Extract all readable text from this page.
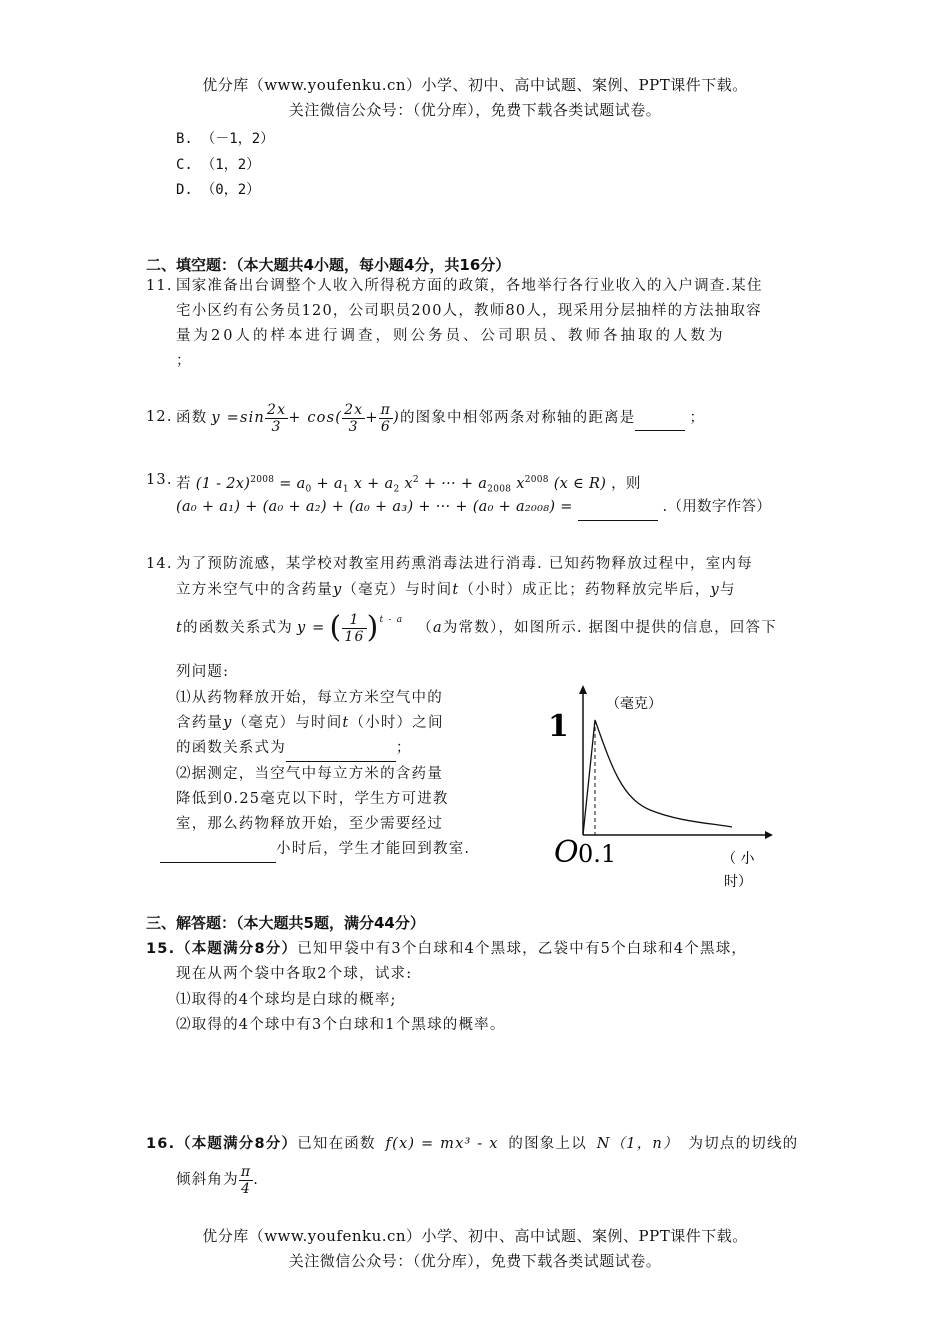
优分库（www.youfenku.cn）小学、初中、高中试题、案例、PPT课件下载。
关注微信公众号：（优分库），免费下载各类试题试卷。
B. （－1，2）
C. （1，2）
D. （0，2）
二、填空题：（本大题共4小题，每小题4分，共16分）
11. 国家准备出台调整个人收入所得税方面的政策，各地举行各行业收入的入户调查.某住
宅小区约有公务员120，公司职员200人，教师80人，现采用分层抽样的方法抽取容
量为20人的样本进行调查，则公务员、公司职员、教师各抽取的人数为
；
12. 函数 $y =\sin \frac{2x}{3} + \cos( \frac{2x}{3} + \frac{\pi}{6}$ ) 的图象中相邻两条对称轴的距离是	；
13. 若 $(1 - 2x)^{2008} = a_0 + a_1$ $x + a_2$ $x^2$ + ··· + $a_{2008}$ $x^{2008}$ (x ∈ R) ，则
(a₀ + a₁) + (a₀ + a₂) + (a₀ + a₃) + ··· + (a₀ + a₂₀₀₈) =	.（用数字作答）
14. 为了预防流感，某学校对教室用药熏消毒法进行消毒. 已知药物释放过程中，室内每
立方米空气中的含药量y（毫克）与时间t（小时）成正比；药物释放完毕后，y与
t 的函数关系式为 y = ( $\frac{1}{16} )^{t - a}$ （ a 为常数），如图所示. 据图中提供的信息，回答下
列问题:
⑴从药物释放开始，每立方米空气中的
含药量y（毫克）与时间t（小时）之间
的函数关系式为	；
⑵据测定，当空气中每立方米的含药量
降低到0.25毫克以下时，学生方可进教
室，那么药物释放开始，至少需要经过
小时后，学生才能回到教室.
（毫克）
1
O 0.1	（ 小
时）
三、解答题：（本大题共5题，满分44分）
15. （本题满分8分）已知甲袋中有3个白球和4个黑球，乙袋中有5个白球和4个黑球，
现在从两个袋中各取2个球，试求:
⑴取得的4个球均是白球的概率;
⑵取得的4个球中有3个白球和1个黑球的概率。
16. （本题满分8分）已知在函数 f(x) = mx³ - x 的图象上以 N（1，n） 为切点的切线的
倾斜角为 $\frac{\pi}{4}$ .
优分库（www.youfenku.cn）小学、初中、高中试题、案例、PPT课件下载。
关注微信公众号：（优分库），免费下载各类试题试卷。
